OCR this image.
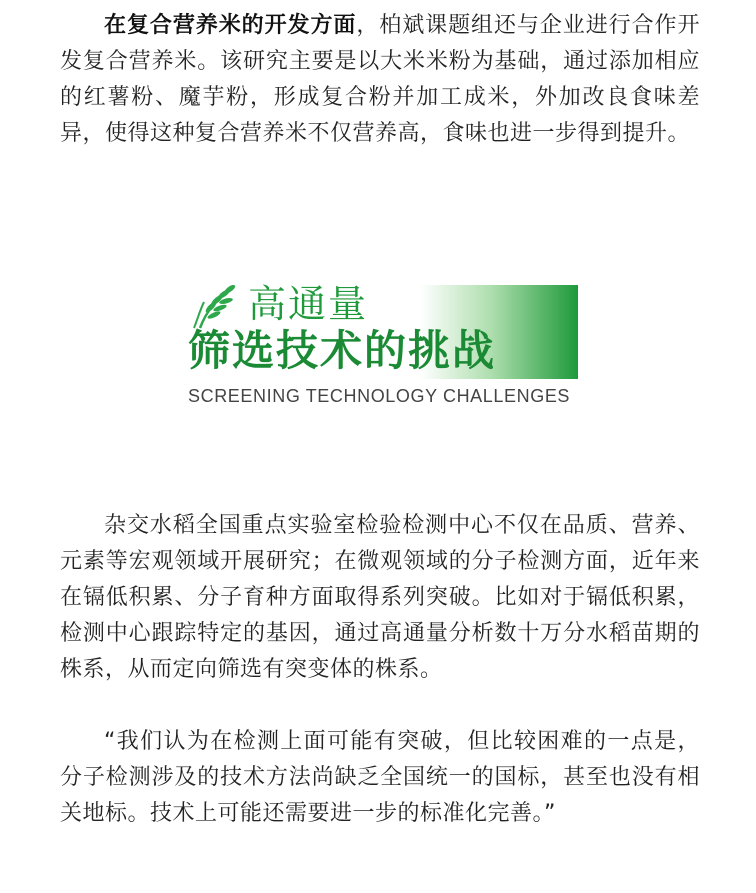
在复合营养米的开发方面，柏斌课题组还与企业进行合作开发复合营养米。该研究主要是以大米米粉为基础，通过添加相应的红薯粉、魔芋粉，形成复合粉并加工成米，外加改良食味差异，使得这种复合营养米不仅营养高，食味也进一步得到提升。

高通量
筛选技术的挑战
SCREENING TECHNOLOGY CHALLENGES

杂交水稻全国重点实验室检验检测中心不仅在品质、营养、元素等宏观领域开展研究；在微观领域的分子检测方面，近年来在镉低积累、分子育种方面取得系列突破。比如对于镉低积累，检测中心跟踪特定的基因，通过高通量分析数十万分水稻苗期的株系，从而定向筛选有突变体的株系。

“我们认为在检测上面可能有突破，但比较困难的一点是，分子检测涉及的技术方法尚缺乏全国统一的国标，甚至也没有相关地标。技术上可能还需要进一步的标准化完善。”
